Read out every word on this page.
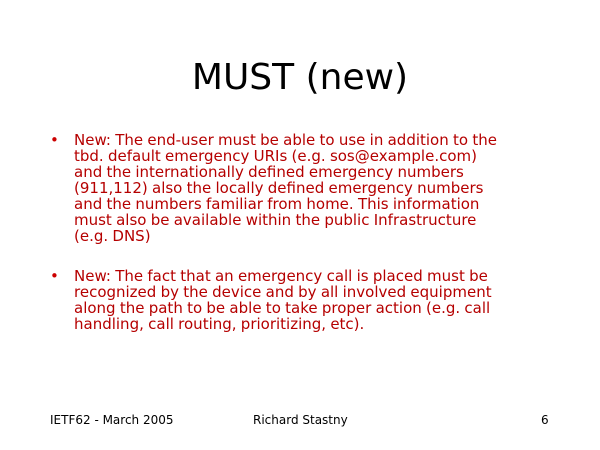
MUST (new)
•	New: The end-user must be able to use in addition to the
tbd. default emergency URIs (e.g. sos@example.com)
and the internationally defined emergency numbers
(911,112) also the locally defined emergency numbers
and the numbers familiar from home. This information
must also be available within the public Infrastructure
(e.g. DNS)
•	New: The fact that an emergency call is placed must be
recognized by the device and by all involved equipment
along the path to be able to take proper action (e.g. call
handling, call routing, prioritizing, etc).
IETF62 - March 2005	Richard Stastny	6
